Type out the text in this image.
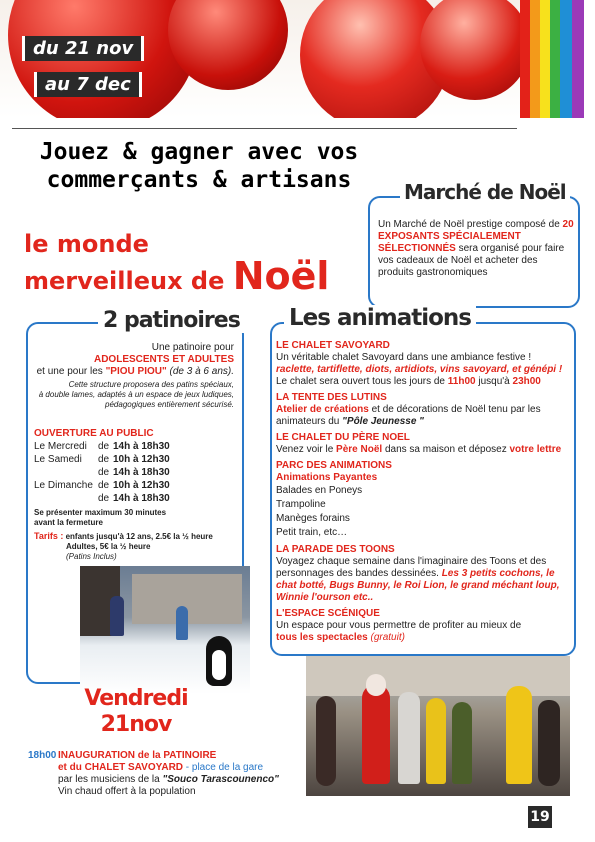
du 21 nov
au 7 dec
Jouez & gagner avec vos
commerçants & artisans	Marché de Noël
Un Marché de Noël prestige composé de 20 EXPOSANTS SPÉCIALEMENT SÉLECTIONNÉS sera organisé pour faire vos cadeaux de Noël et acheter des produits gastronomiques
le monde
merveilleux de Noël
2 patinoires
Une patinoire pour
ADOLESCENTS ET ADULTES
et une pour les "PIOU PIOU" (de 3 à 6 ans).
Cette structure proposera des patins spéciaux,
à double lames, adaptés à un espace de jeux ludiques,
pédagogiques entièrement sécurisé.
OUVERTURE AU PUBLIC
Le Mercredi de 14h à 18h30
Le Samedi de 10h à 12h30
de 14h à 18h30
Le Dimanche de 10h à 12h30
de 14h à 18h30
Se présenter maximum 30 minutes
avant la fermeture
Tarifs : enfants jusqu'à 12 ans, 2.5€ la ½ heure
Adultes, 5€ la ½ heure
(Patins Inclus)
Les animations
LE CHALET SAVOYARD
Un véritable chalet Savoyard dans une ambiance festive !
raclette, tartiflette, diots, artidiots, vins savoyard, et génépi !
Le chalet sera ouvert tous les jours de 11h00 jusqu'à 23h00
LA TENTE DES LUTINS
Atelier de créations et de décorations de Noël tenu par les animateurs du "Pôle Jeunesse "
LE CHALET DU PÈRE NOEL
Venez voir le Père Noël dans sa maison et déposez votre lettre
PARC DES ANIMATIONS
Animations Payantes
Balades en Poneys
Trampoline
Manèges forains
Petit train, etc…
LA PARADE DES TOONS
Voyagez chaque semaine dans l'imaginaire des Toons et des personnages des bandes dessinées. Les 3 petits cochons, le chat botté, Bugs Bunny, le Roi Lion, le grand méchant loup, Winnie l'ourson etc..
L'ESPACE SCÉNIQUE
Un espace pour vous permettre de profiter au mieux de
tous les spectacles (gratuit)
Vendredi
21nov
18h00 INAUGURATION de la PATINOIRE
et du CHALET SAVOYARD - place de la gare
par les musiciens de la "Souco Tarascounenco"
Vin chaud offert à la population
19
